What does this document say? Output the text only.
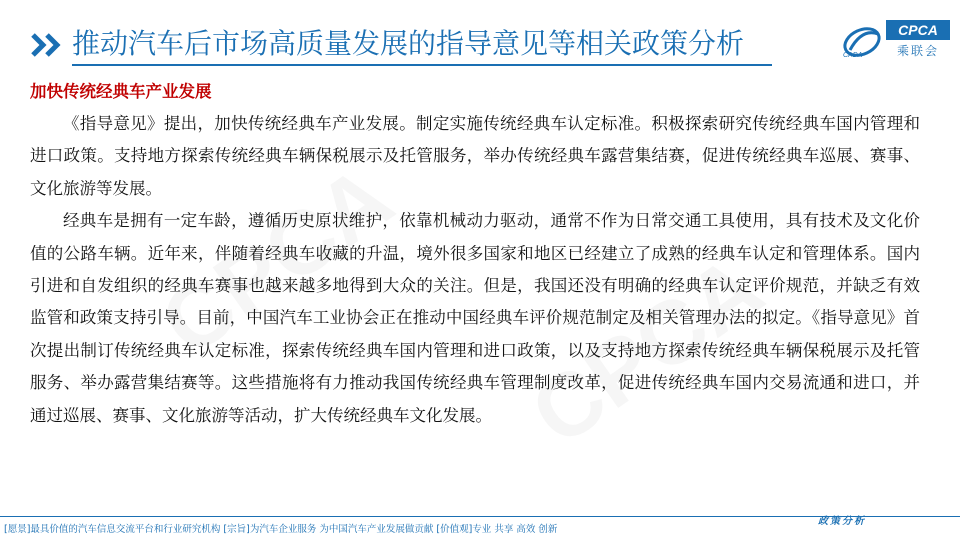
推动汽车后市场高质量发展的指导意见等相关政策分析	CPCA
乘联会
CADA
加快传统经典车产业发展

《指导意见》提出，加快传统经典车产业发展。制定实施传统经典车认定标准。积极探索研究传统经典车国内管理和进口政策。支持地方探索传统经典车辆保税展示及托管服务，举办传统经典车露营集结赛，促进传统经典车巡展、赛事、文化旅游等发展。

经典车是拥有一定车龄，遵循历史原状维护，依靠机械动力驱动，通常不作为日常交通工具使用，具有技术及文化价值的公路车辆。近年来，伴随着经典车收藏的升温，境外很多国家和地区已经建立了成熟的经典车认定和管理体系。国内引进和自发组织的经典车赛事也越来越多地得到大众的关注。但是，我国还没有明确的经典车认定评价规范，并缺乏有效监管和政策支持引导。目前，中国汽车工业协会正在推动中国经典车评价规范制定及相关管理办法的拟定。《指导意见》首次提出制订传统经典车认定标准，探索传统经典车国内管理和进口政策，以及支持地方探索传统经典车辆保税展示及托管服务、举办露营集结赛等。这些措施将有力推动我国传统经典车管理制度改革，促进传统经典车国内交易流通和进口，并通过巡展、赛事、文化旅游等活动，扩大传统经典车文化发展。

[愿景]最具价值的汽车信息交流平台和行业研究机构 [宗旨]为汽车企业服务 为中国汽车产业发展做贡献 [价值观]专业 共享 高效 创新
政策分析
